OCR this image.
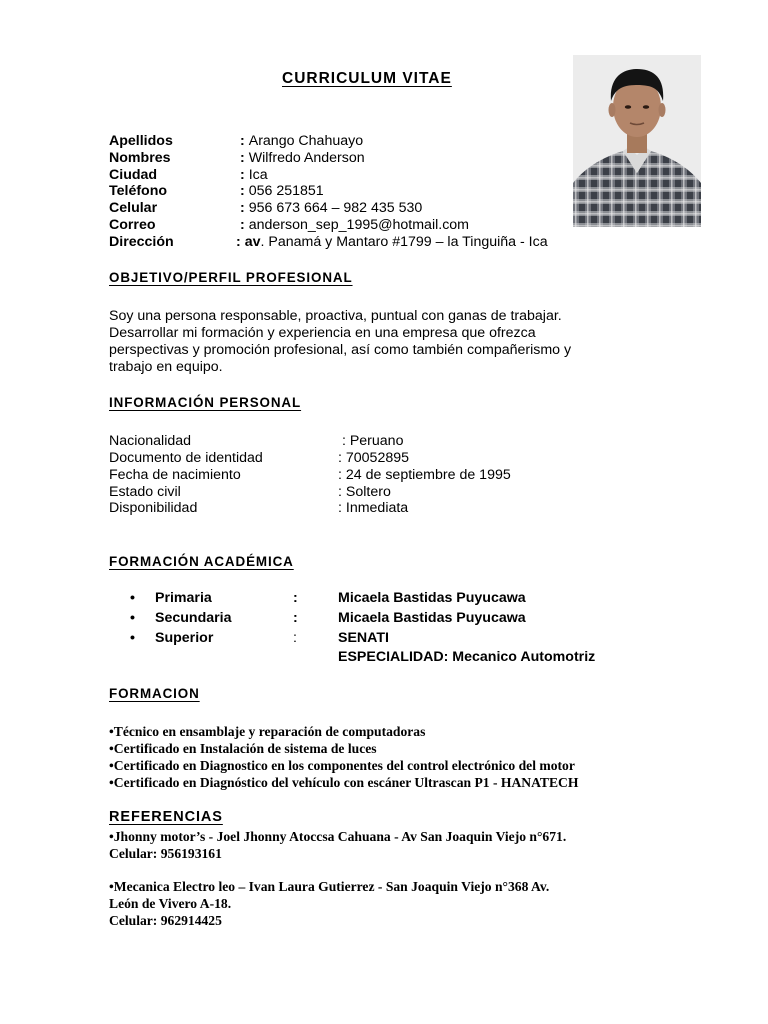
CURRICULUM VITAE
Apellidos	: Arango Chahuayo
Nombres	: Wilfredo Anderson
Ciudad	: Ica
Teléfono	: 056 251851
Celular	: 956 673 664 – 982 435 530
Correo	: anderson_sep_1995@hotmail.com
Dirección	: av. Panamá y Mantaro #1799 – la Tinguiña - Ica
OBJETIVO/PERFIL PROFESIONAL
Soy una persona responsable, proactiva, puntual con ganas de trabajar.
Desarrollar mi formación y experiencia en una empresa que ofrezca
perspectivas y promoción profesional, así como también compañerismo y
trabajo en equipo.
INFORMACIÓN PERSONAL
Nacionalidad	: Peruano
Documento de identidad	: 70052895
Fecha de nacimiento	: 24 de septiembre de 1995
Estado civil	: Soltero
Disponibilidad	: Inmediata
FORMACIÓN ACADÉMICA
• Primaria	:	Micaela Bastidas Puyucawa
• Secundaria	:	Micaela Bastidas Puyucawa
• Superior	:	SENATI
ESPECIALIDAD: Mecanico Automotriz
FORMACION
•Técnico en ensamblaje y reparación de computadoras
•Certificado en Instalación de sistema de luces
•Certificado en Diagnostico en los componentes del control electrónico del motor
•Certificado en Diagnóstico del vehículo con escáner Ultrascan P1 - HANATECH
REFERENCIAS
•Jhonny motor’s - Joel Jhonny Atoccsa Cahuana - Av San Joaquin Viejo n°671.
Celular: 956193161
•Mecanica Electro leo – Ivan Laura Gutierrez - San Joaquin Viejo n°368 Av.
León de Vivero A-18.
Celular: 962914425
